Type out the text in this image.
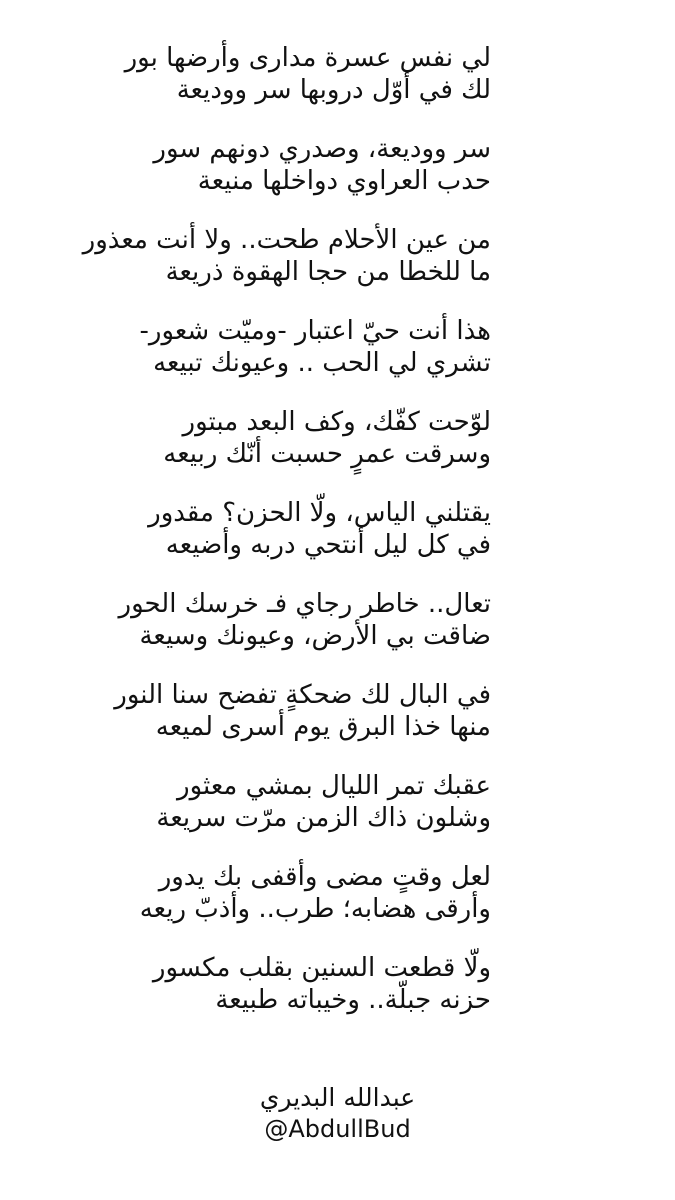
لي نفس عسرة مدارى وأرضها بور
لك في أوّل دروبها سر ووديعة
سر ووديعة، وصدري دونهم سور
حدب العراوي دواخلها منيعة
من عين الأحلام طحت.. ولا أنت معذور
ما للخطا من حجا الهقوة ذريعة
هذا أنت حيّ اعتبار -وميّت شعور-
تشري لي الحب .. وعيونك تبيعه
لوّحت كفّك، وكف البعد مبتور
وسرقت عمرٍ حسبت أنّك ربيعه
يقتلني الياس، ولّا الحزن؟ مقدور
في كل ليل أنتحي دربه وأضيعه
تعال.. خاطر رجاي فـ خرسك الحور
ضاقت بي الأرض، وعيونك وسيعة
في البال لك ضحكةٍ تفضح سنا النور
منها خذا البرق يوم أسرى لميعه
عقبك تمر الليال بمشي معثور
وشلون ذاك الزمن مرّت سريعة
لعل وقتٍ مضى وأقفى بك يدور
وأرقى هضابه؛ طرب.. وأذبّ ريعه
ولّا قطعت السنين بقلب مكسور
حزنه جبلّة.. وخيباته طبيعة
عبدالله البديري
@AbdullBud
